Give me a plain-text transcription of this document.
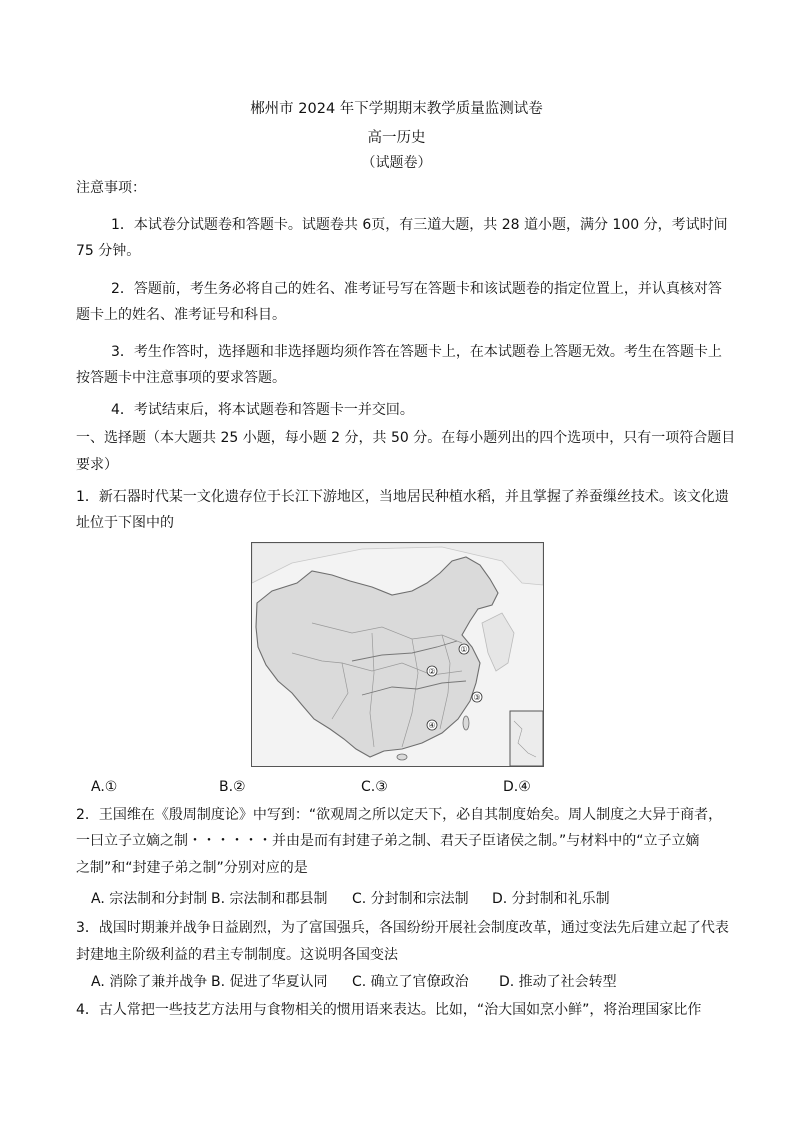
郴州市 2024 年下学期期末教学质量监测试卷
高一历史
（试题卷）
注意事项：
1．本试卷分试题卷和答题卡。试题卷共 6页，有三道大题，共 28 道小题，满分 100 分，考试时间
75 分钟。
2．答题前，考生务必将自己的姓名、准考证号写在答题卡和该试题卷的指定位置上，并认真核对答
题卡上的姓名、准考证号和科目。
3．考生作答时，选择题和非选择题均须作答在答题卡上，在本试题卷上答题无效。考生在答题卡上
按答题卡中注意事项的要求答题。
4．考试结束后，将本试题卷和答题卡一并交回。
一、选择题（本大题共 25 小题，每小题 2 分，共 50 分。在每小题列出的四个选项中，只有一项符合题目
要求）
1．新石器时代某一文化遗存位于长江下游地区，当地居民种植水稻，并且掌握了养蚕缫丝技术。该文化遗
址位于下图中的
①
②
③
④
A.①	B.②	C.③	D.④
2．王国维在《殷周制度论》中写到：“欲观周之所以定天下，必自其制度始矣。周人制度之大异于商者，
一曰立子立嫡之制・・・・・・并由是而有封建子弟之制、君天子臣诸侯之制。”与材料中的“立子立嫡
之制”和“封建子弟之制”分别对应的是
A. 宗法制和分封制 B. 宗法制和郡县制 C. 分封制和宗法制 D. 分封制和礼乐制
3．战国时期兼并战争日益剧烈，为了富国强兵，各国纷纷开展社会制度改革，通过变法先后建立起了代表
封建地主阶级利益的君主专制制度。这说明各国变法
A. 消除了兼并战争 B. 促进了华夏认同 C. 确立了官僚政治 D. 推动了社会转型
4．古人常把一些技艺方法用与食物相关的惯用语来表达。比如，“治大国如烹小鲜”，将治理国家比作
